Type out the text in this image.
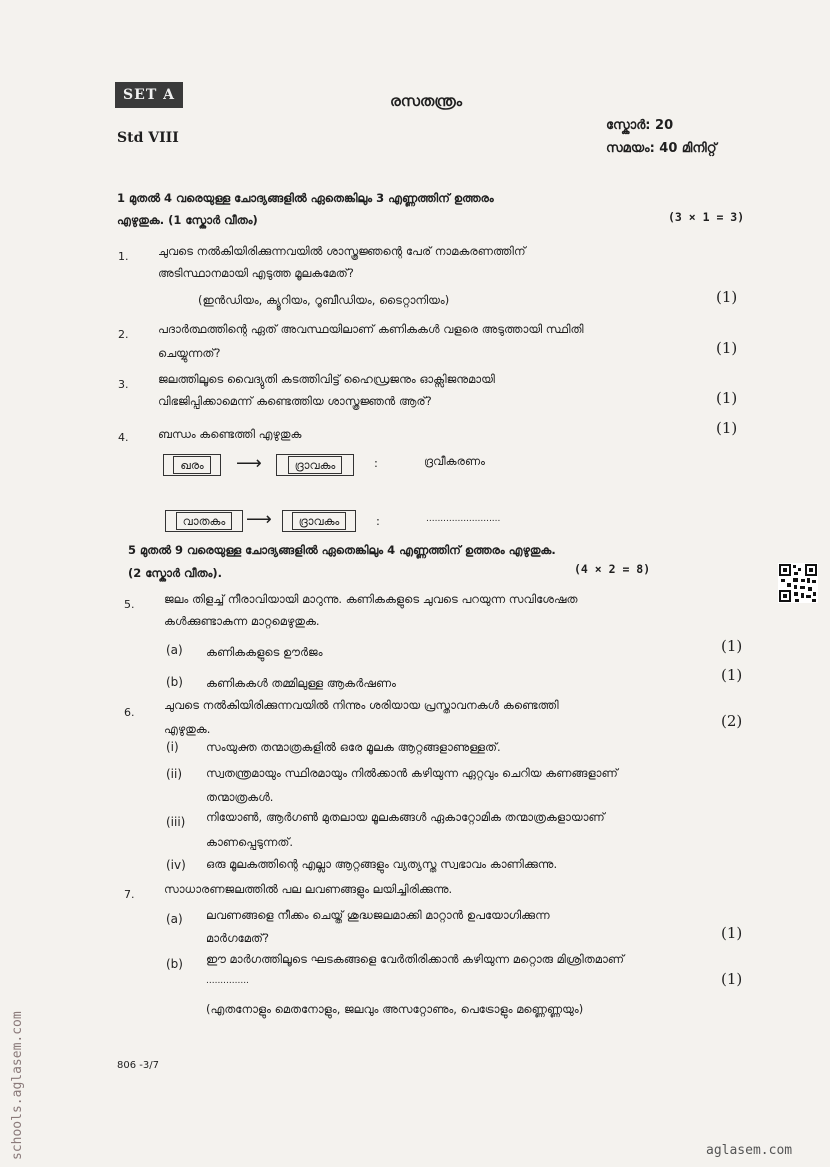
SET A	രസതന്ത്രം
Std VIII
സ്കോർ: 20
സമയം: 40 മിനിറ്റ്
1 മുതൽ 4 വരെയുള്ള ചോദ്യങ്ങളിൽ ഏതെങ്കിലും 3 എണ്ണത്തിന് ഉത്തരം
എഴുതുക. (1 സ്കോർ വീതം)	(3 × 1 = 3)
1.	ചുവടെ നൽകിയിരിക്കുന്നവയിൽ ശാസ്ത്രജ്ഞന്റെ പേര് നാമകരണത്തിന്
അടിസ്ഥാനമായി എടുത്ത മൂലകമേത്?
(ഇൻഡിയം, ക്യൂറിയം, റൂബീഡിയം, ടൈറ്റാനിയം)	(1)
2.	പദാർത്ഥത്തിന്റെ ഏത് അവസ്ഥയിലാണ് കണികകൾ വളരെ അടുത്തായി സ്ഥിതി
ചെയ്യുന്നത്?	(1)
3.	ജലത്തിലൂടെ വൈദ്യുതി കടത്തിവിട്ട് ഹൈഡ്രജനും ഓക്സിജനുമായി
വിഭജിപ്പിക്കാമെന്ന് കണ്ടെത്തിയ ശാസ്ത്രജ്ഞൻ ആര്?	(1)
4.	ബന്ധം കണ്ടെത്തി എഴുതുക	(1)
ഖരം	⟶	ദ്രാവകം	:	ദ്രവീകരണം
വാതകം	⟶	ദ്രാവകം	:	..........................
5 മുതൽ 9 വരെയുള്ള ചോദ്യങ്ങളിൽ ഏതെങ്കിലും 4 എണ്ണത്തിന് ഉത്തരം എഴുതുക.
(2 സ്കോർ വീതം).	(4 × 2 = 8)
5.	ജലം തിളച്ച് നീരാവിയായി മാറുന്നു. കണികകളുടെ ചുവടെ പറയുന്ന സവിശേഷത
കൾക്കുണ്ടാകുന്ന മാറ്റമെഴുതുക.
(a) കണികകളുടെ ഊർജം	(1)
(b) കണികകൾ തമ്മിലുള്ള ആകർഷണം	(1)
6.
ചുവടെ നൽകിയിരിക്കുന്നവയിൽ നിന്നും ശരിയായ പ്രസ്താവനകൾ കണ്ടെത്തി
എഴുതുക.	(2)
(i) സംയുക്ത തന്മാത്രകളിൽ ഒരേ മൂലക ആറ്റങ്ങളാണുള്ളത്.
(ii) സ്വതന്ത്രമായും സ്ഥിരമായും നിൽക്കാൻ കഴിയുന്ന ഏറ്റവും ചെറിയ കണങ്ങളാണ്
തന്മാത്രകൾ.
(iii) നിയോൺ, ആർഗൺ മുതലായ മൂലകങ്ങൾ ഏകാറ്റോമിക തന്മാത്രകളായാണ്
കാണപ്പെടുന്നത്.
(iv) ഒരു മൂലകത്തിന്റെ എല്ലാ ആറ്റങ്ങളും വ്യത്യസ്ത സ്വഭാവം കാണിക്കുന്നു.
7.	സാധാരണജലത്തിൽ പല ലവണങ്ങളും ലയിച്ചിരിക്കുന്നു.
(a) ലവണങ്ങളെ നീക്കം ചെയ്ത് ശുദ്ധജലമാക്കി മാറ്റാൻ ഉപയോഗിക്കുന്ന
മാർഗമേത്?	(1)
(b) ഈ മാർഗത്തിലൂടെ ഘടകങ്ങളെ വേർതിരിക്കാൻ കഴിയുന്ന മറ്റൊരു മിശ്രിതമാണ്
...............	(1)
(എതനോളും മെതനോളും, ജലവും അസറ്റോണും, പെട്രോളും മണ്ണെണ്ണയും)
806 -3/7
schools.aglasem.com	aglasem.com
